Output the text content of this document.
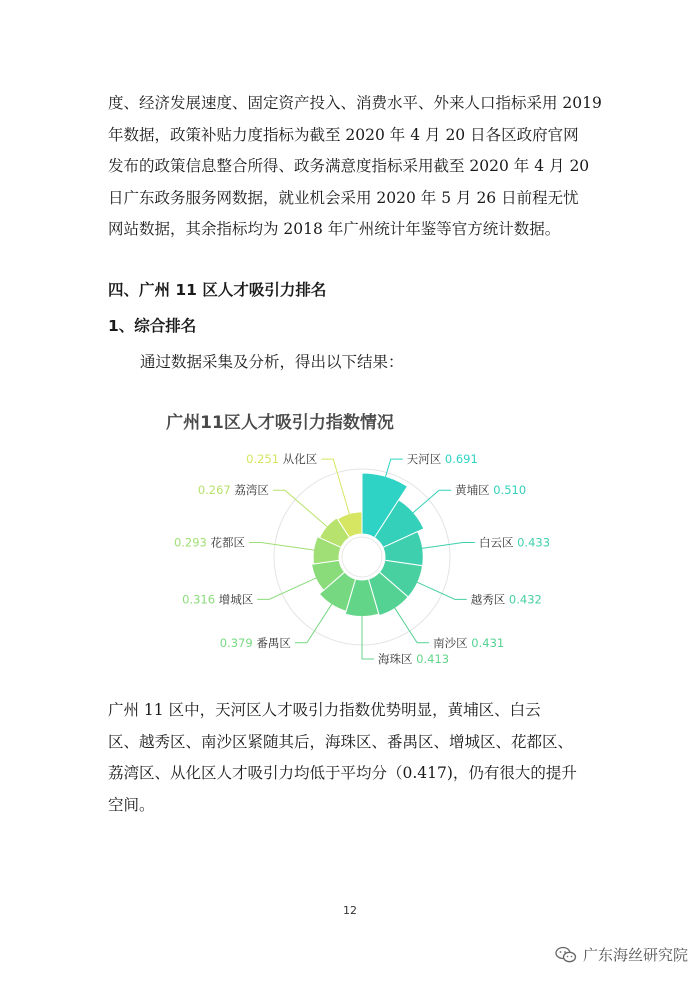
度、经济发展速度、固定资产投入、消费水平、外来人口指标采用 2019
年数据，政策补贴力度指标为截至 2020 年 4 月 20 日各区政府官网
发布的政策信息整合所得、政务满意度指标采用截至 2020 年 4 月 20
日广东政务服务网数据，就业机会采用 2020 年 5 月 26 日前程无忧
网站数据，其余指标均为 2018 年广州统计年鉴等官方统计数据。
四、广州 11 区人才吸引力排名
1、综合排名
通过数据采集及分析，得出以下结果：
广州11区人才吸引力指数情况
天河区 0.691
黄埔区 0.510
白云区 0.433
越秀区 0.432
南沙区 0.431
海珠区 0.413
0.379 番禺区
0.316 增城区
0.293 花都区
0.267 荔湾区
0.251 从化区
广州 11 区中，天河区人才吸引力指数优势明显，黄埔区、白云
区、越秀区、南沙区紧随其后，海珠区、番禺区、增城区、花都区、
荔湾区、从化区人才吸引力均低于平均分（0.417)，仍有很大的提升
空间。
12
广东海丝研究院
